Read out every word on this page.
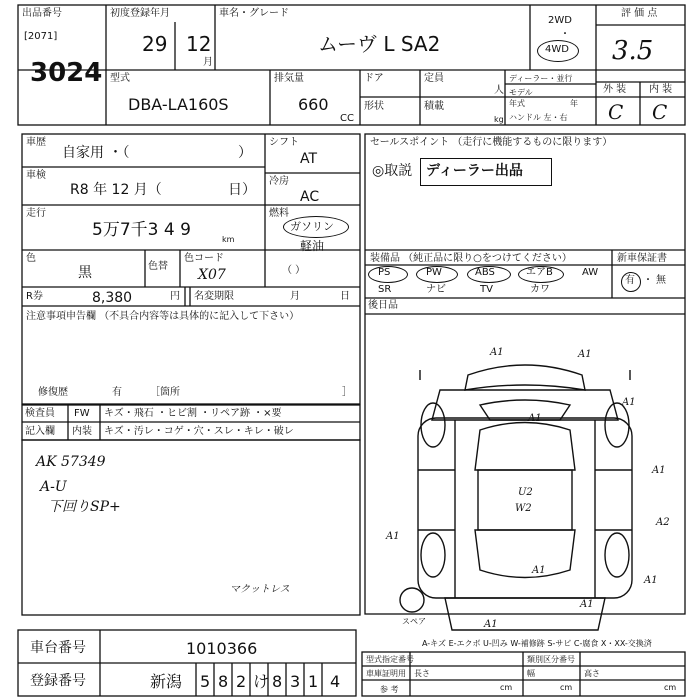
出品番号
[2071]
3024
初度登録年月
29 12
月
車名・グレード
ムーヴ L SA2
2WD
・
4WD
評 価 点
3.5
外 装 内 装
C C
型式
DBA-LA160S
排気量
660
CC
ドア	定員
人
形状	積載
kg
ディーラー・並行
モデル
年式	年
ハンドル 左・右
車歴
自家用 ・（	）
車検
R8 年 12 月（	日）
走行
5万7千3 4 9	km
色
黒	色替
色コード
X07
R券	8,380	円 名変期限	月	日
シフト
AT
冷房
AC
燃料
ガソリン
軽油
（ ）
注意事項申告欄 （不具合内容等は具体的に記入して下さい）
修復歴	有	［箇所	］
検査員
記入欄
FW キズ・飛石 ・ヒビ割 ・リペア跡 ・×要
内装 キズ・汚レ・コゲ・穴・スレ・キレ・破レ
AK 57349
A-U
下回りSP+
マクットレス
セールスポイント （走行に機能するものに限ります）
◎取説 ディーラー出品
装備品 （純正品に限り○をつけてください）
PS	PW	ABS	エアB	AW
SR	ナビ	TV	カワ
新車保証書
有 ・ 無
後日品
A1	A1
A1
A1
A1
A1
U2
W2
A1
A2
A1
A1
A1
スペア
A-キズ E-エクボ U-凹み W-補修跡 S-サビ C-腐食 X・XX-交換済
車台番号	1010366
登録番号	新潟 5 8 2 け 8 3 1 4
型式指定番号	類別区分番号
車庫証明用
参 考
長さ
cm
幅
cm
高さ
cm
